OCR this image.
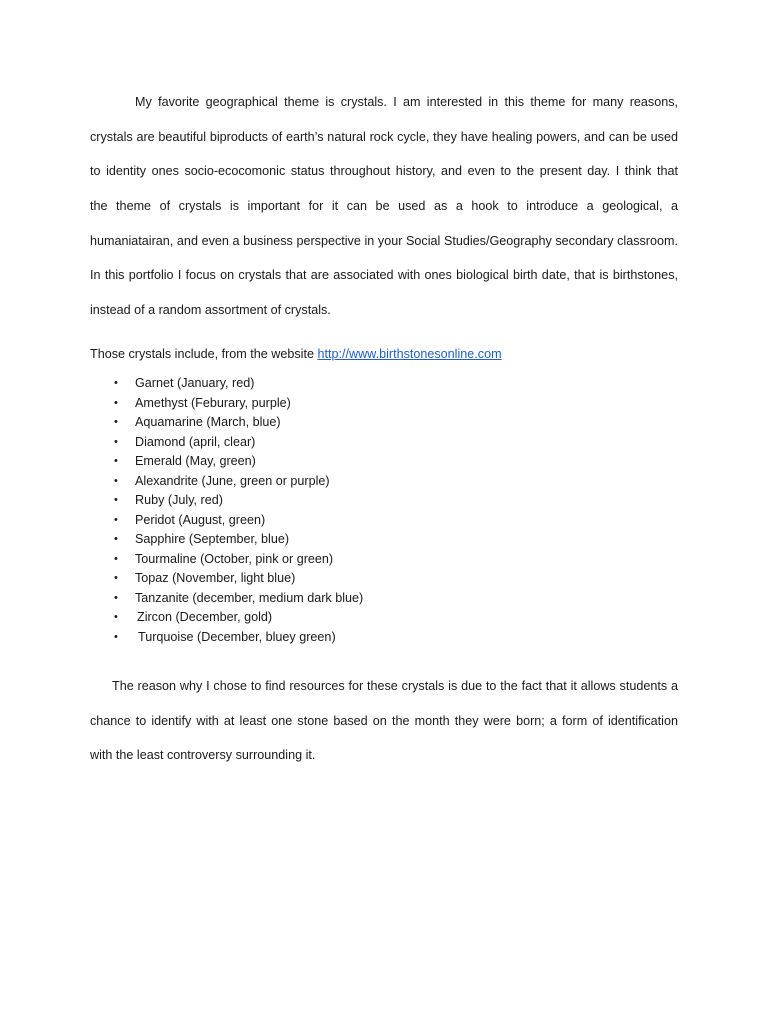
My favorite geographical theme is crystals. I am interested in this theme for many reasons,
crystals are beautiful biproducts of earth’s natural rock cycle, they have healing powers, and can be used
to identity ones socio-ecocomonic status throughout history, and even to the present day. I think that
the theme of crystals is important for it can be used as a hook to introduce a geological, a
humaniataira​n, and even a business perspective in your Social Studies/Geography secondary classroom.
In this portfolio I focus on crystals that are associated with ones biological birth date, that is birthstones,
instead of a random assortment of crystals.
Those crystals include, from the website http://www.birthstonesonline.com
• Garnet (January, red)
• Amethyst (Feburary, purple)
• Aquamarine (March, blue)
• Diamond (april, clear)
• Emerald (May, green)
• Alexandrite (June, green or purple)
• Ruby (July, red)
• Peridot (August, green)
• Sapphire (September, blue)
• Tourmaline (October, pink or green)
• Topaz (November, light blue)
• Tanzanite (december, medium dark blue)
• Zircon (December, gold)
• Turquoise (December, bluey green)
The reason why I chose to find resources for these crystals is due to the fact that it allows students a
chance to identify with at least one stone based on the month they were born; a form of identification
with the least controversy surrounding it.
